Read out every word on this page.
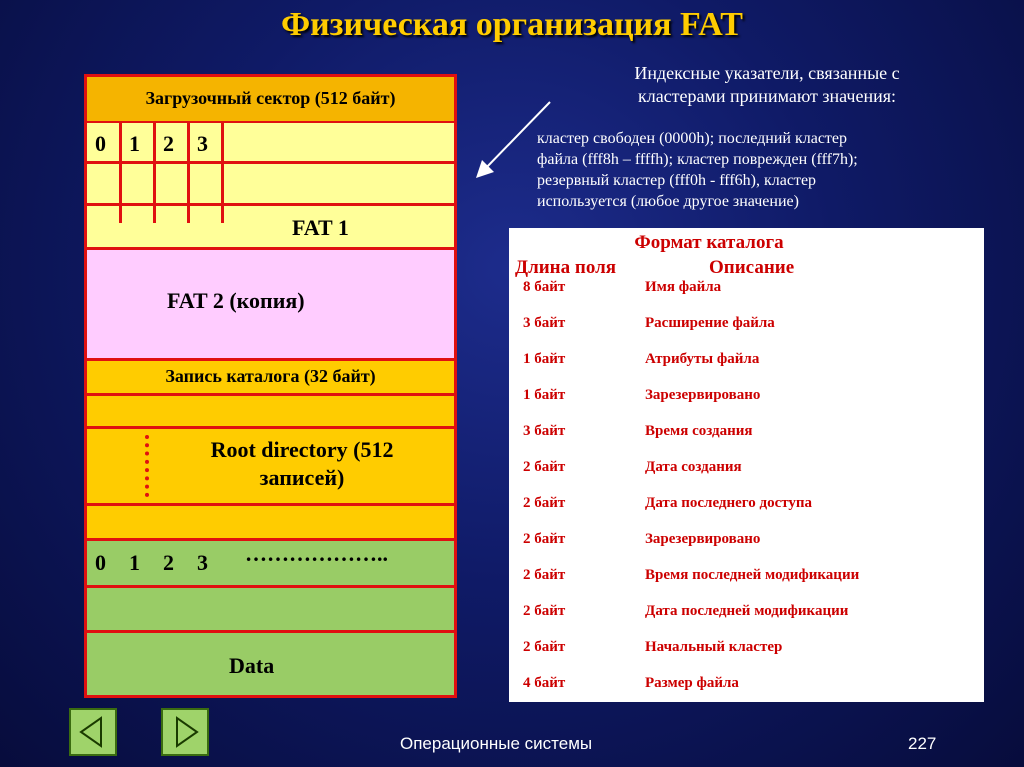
Физическая организация FAT
Загрузочный сектор (512 байт)
0 1 2 3
FAT 1
FAT 2 (копия)
Запись каталога (32 байт)
Root directory (512
записей)
0 1 2 3 ………………..
Data
Индексные указатели, связанные с
кластерами принимают значения:
кластер свободен (0000h); последний кластер
файла (fff8h – ffffh); кластер поврежден (fff7h);
резервный кластер (fff0h - fff6h), кластер
используется (любое другое значение)
Формат каталога
Длина поля	Описание
8 байт	Имя файла
3 байт	Расширение файла
1 байт	Атрибуты файла
1 байт	Зарезервировано
3 байт	Время создания
2 байт	Дата создания
2 байт	Дата последнего доступа
2 байт	Зарезервировано
2 байт	Время последней модификации
2 байт	Дата последней модификации
2 байт	Начальный кластер
4 байт	Размер файла
Операционные системы	227
